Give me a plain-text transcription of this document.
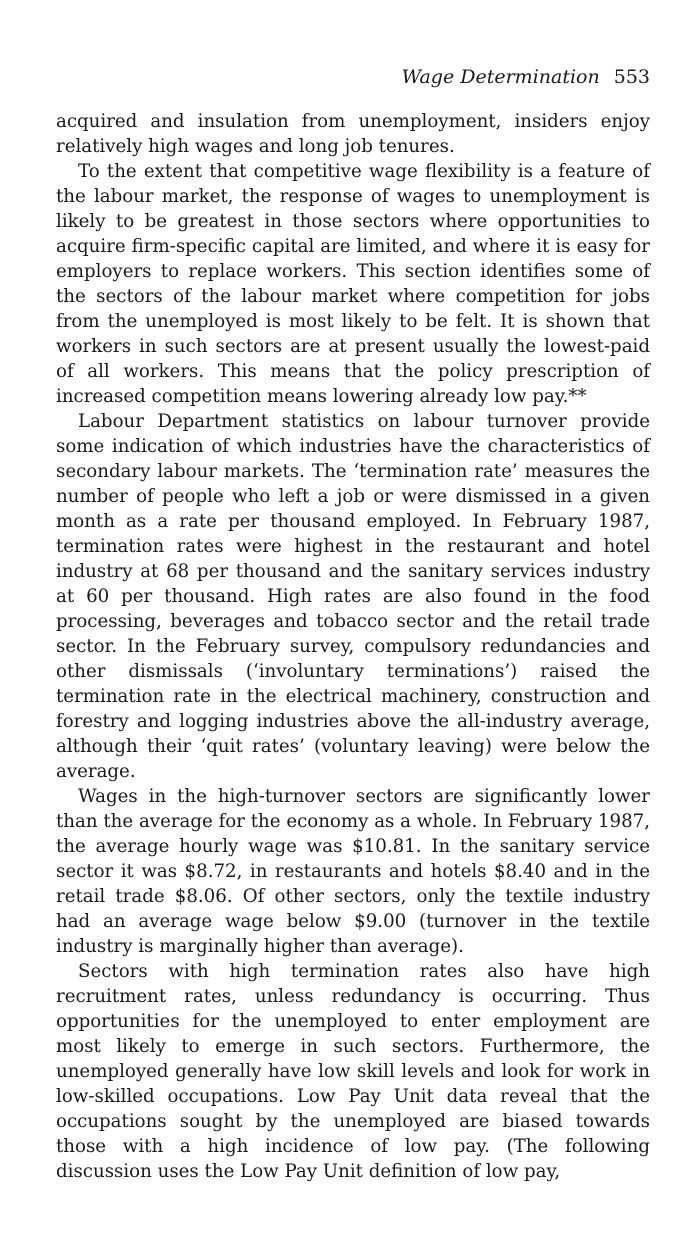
Wage Determination 553

acquired and insulation from unemployment, insiders enjoy relatively high wages and long job tenures.

To the extent that competitive wage flexibility is a feature of the labour market, the response of wages to unemployment is likely to be greatest in those sectors where opportunities to acquire firm-specific capital are limited, and where it is easy for employers to replace workers. This section identifies some of the sectors of the labour market where competition for jobs from the unemployed is most likely to be felt. It is shown that workers in such sectors are at present usually the lowest-paid of all workers. This means that the policy prescription of increased competition means lowering already low pay.**

Labour Department statistics on labour turnover provide some indication of which industries have the characteristics of secondary labour markets. The ‘termination rate’ measures the number of people who left a job or were dismissed in a given month as a rate per thousand employed. In February 1987, termination rates were highest in the restaurant and hotel industry at 68 per thousand and the sanitary services industry at 60 per thousand. High rates are also found in the food processing, beverages and tobacco sector and the retail trade sector. In the February survey, compulsory redundancies and other dismissals (‘involuntary terminations’) raised the termination rate in the electrical machinery, construction and forestry and logging industries above the all-industry average, although their ‘quit rates’ (voluntary leaving) were below the average.

Wages in the high-turnover sectors are significantly lower than the average for the economy as a whole. In February 1987, the average hourly wage was $10.81. In the sanitary service sector it was $8.72, in restaurants and hotels $8.40 and in the retail trade $8.06. Of other sectors, only the textile industry had an average wage below $9.00 (turnover in the textile industry is marginally higher than average).

Sectors with high termination rates also have high recruitment rates, unless redundancy is occurring. Thus opportunities for the unemployed to enter employment are most likely to emerge in such sectors. Furthermore, the unemployed generally have low skill levels and look for work in low-skilled occupations. Low Pay Unit data reveal that the occupations sought by the unemployed are biased towards those with a high incidence of low pay. (The following discussion uses the Low Pay Unit definition of low pay,
